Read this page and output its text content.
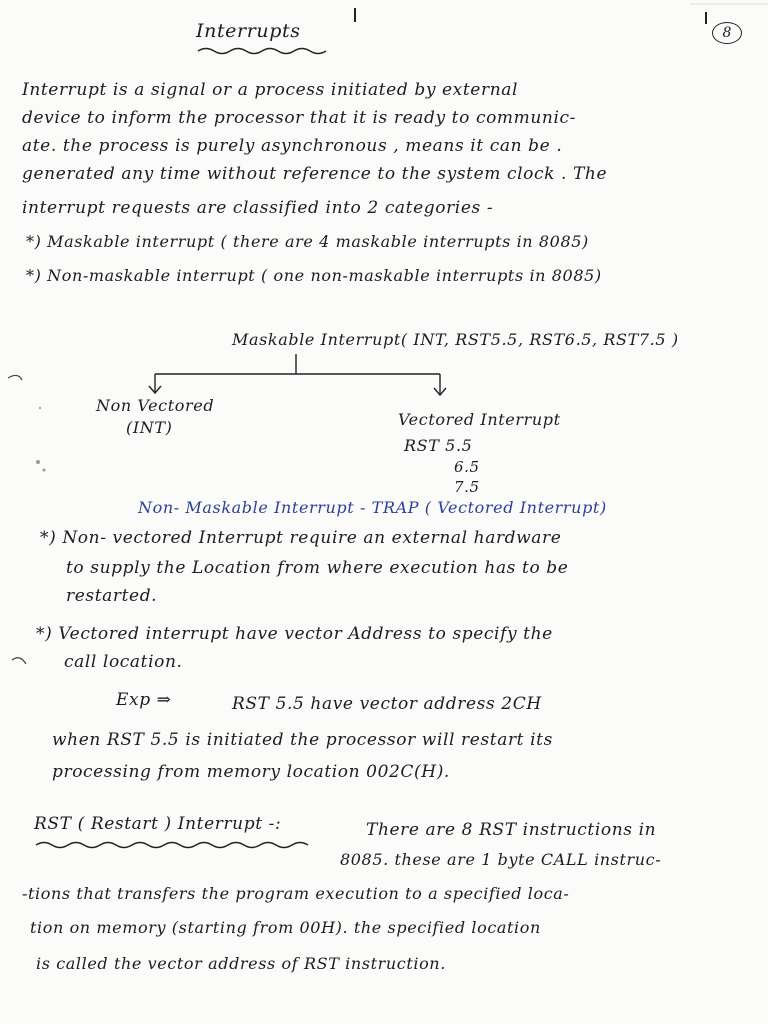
Interrupts	8
Interrupt is a signal or a process initiated by external
device to inform the processor that it is ready to communic-
ate. the process is purely asynchronous , means it can be .
generated any time without reference to the system clock . The
interrupt requests are classified into 2 categories -
*) Maskable interrupt ( there are 4 maskable interrupts in 8085)
*) Non-maskable interrupt ( one non-maskable interrupts in 8085)
Maskable Interrupt( INT, RST5.5, RST6.5, RST7.5 )
Non Vectored
(INT)	Vectored Interrupt
RST 5.5
6.5
7.5
Non- Maskable Interrupt - TRAP ( Vectored Interrupt)
*) Non- vectored Interrupt require an external hardware
to supply the Location from where execution has to be
restarted.
*) Vectored interrupt have vector Address to specify the
call location.
Exp ⇒	RST 5.5 have vector address 2CH
when RST 5.5 is initiated the processor will restart its
processing from memory location 002C(H).
RST ( Restart ) Interrupt -:	There are 8 RST instructions in
8085. these are 1 byte CALL instruc-
-tions that transfers the program execution to a specified loca-
tion on memory (starting from 00H). the specified location
is called the vector address of RST instruction.
